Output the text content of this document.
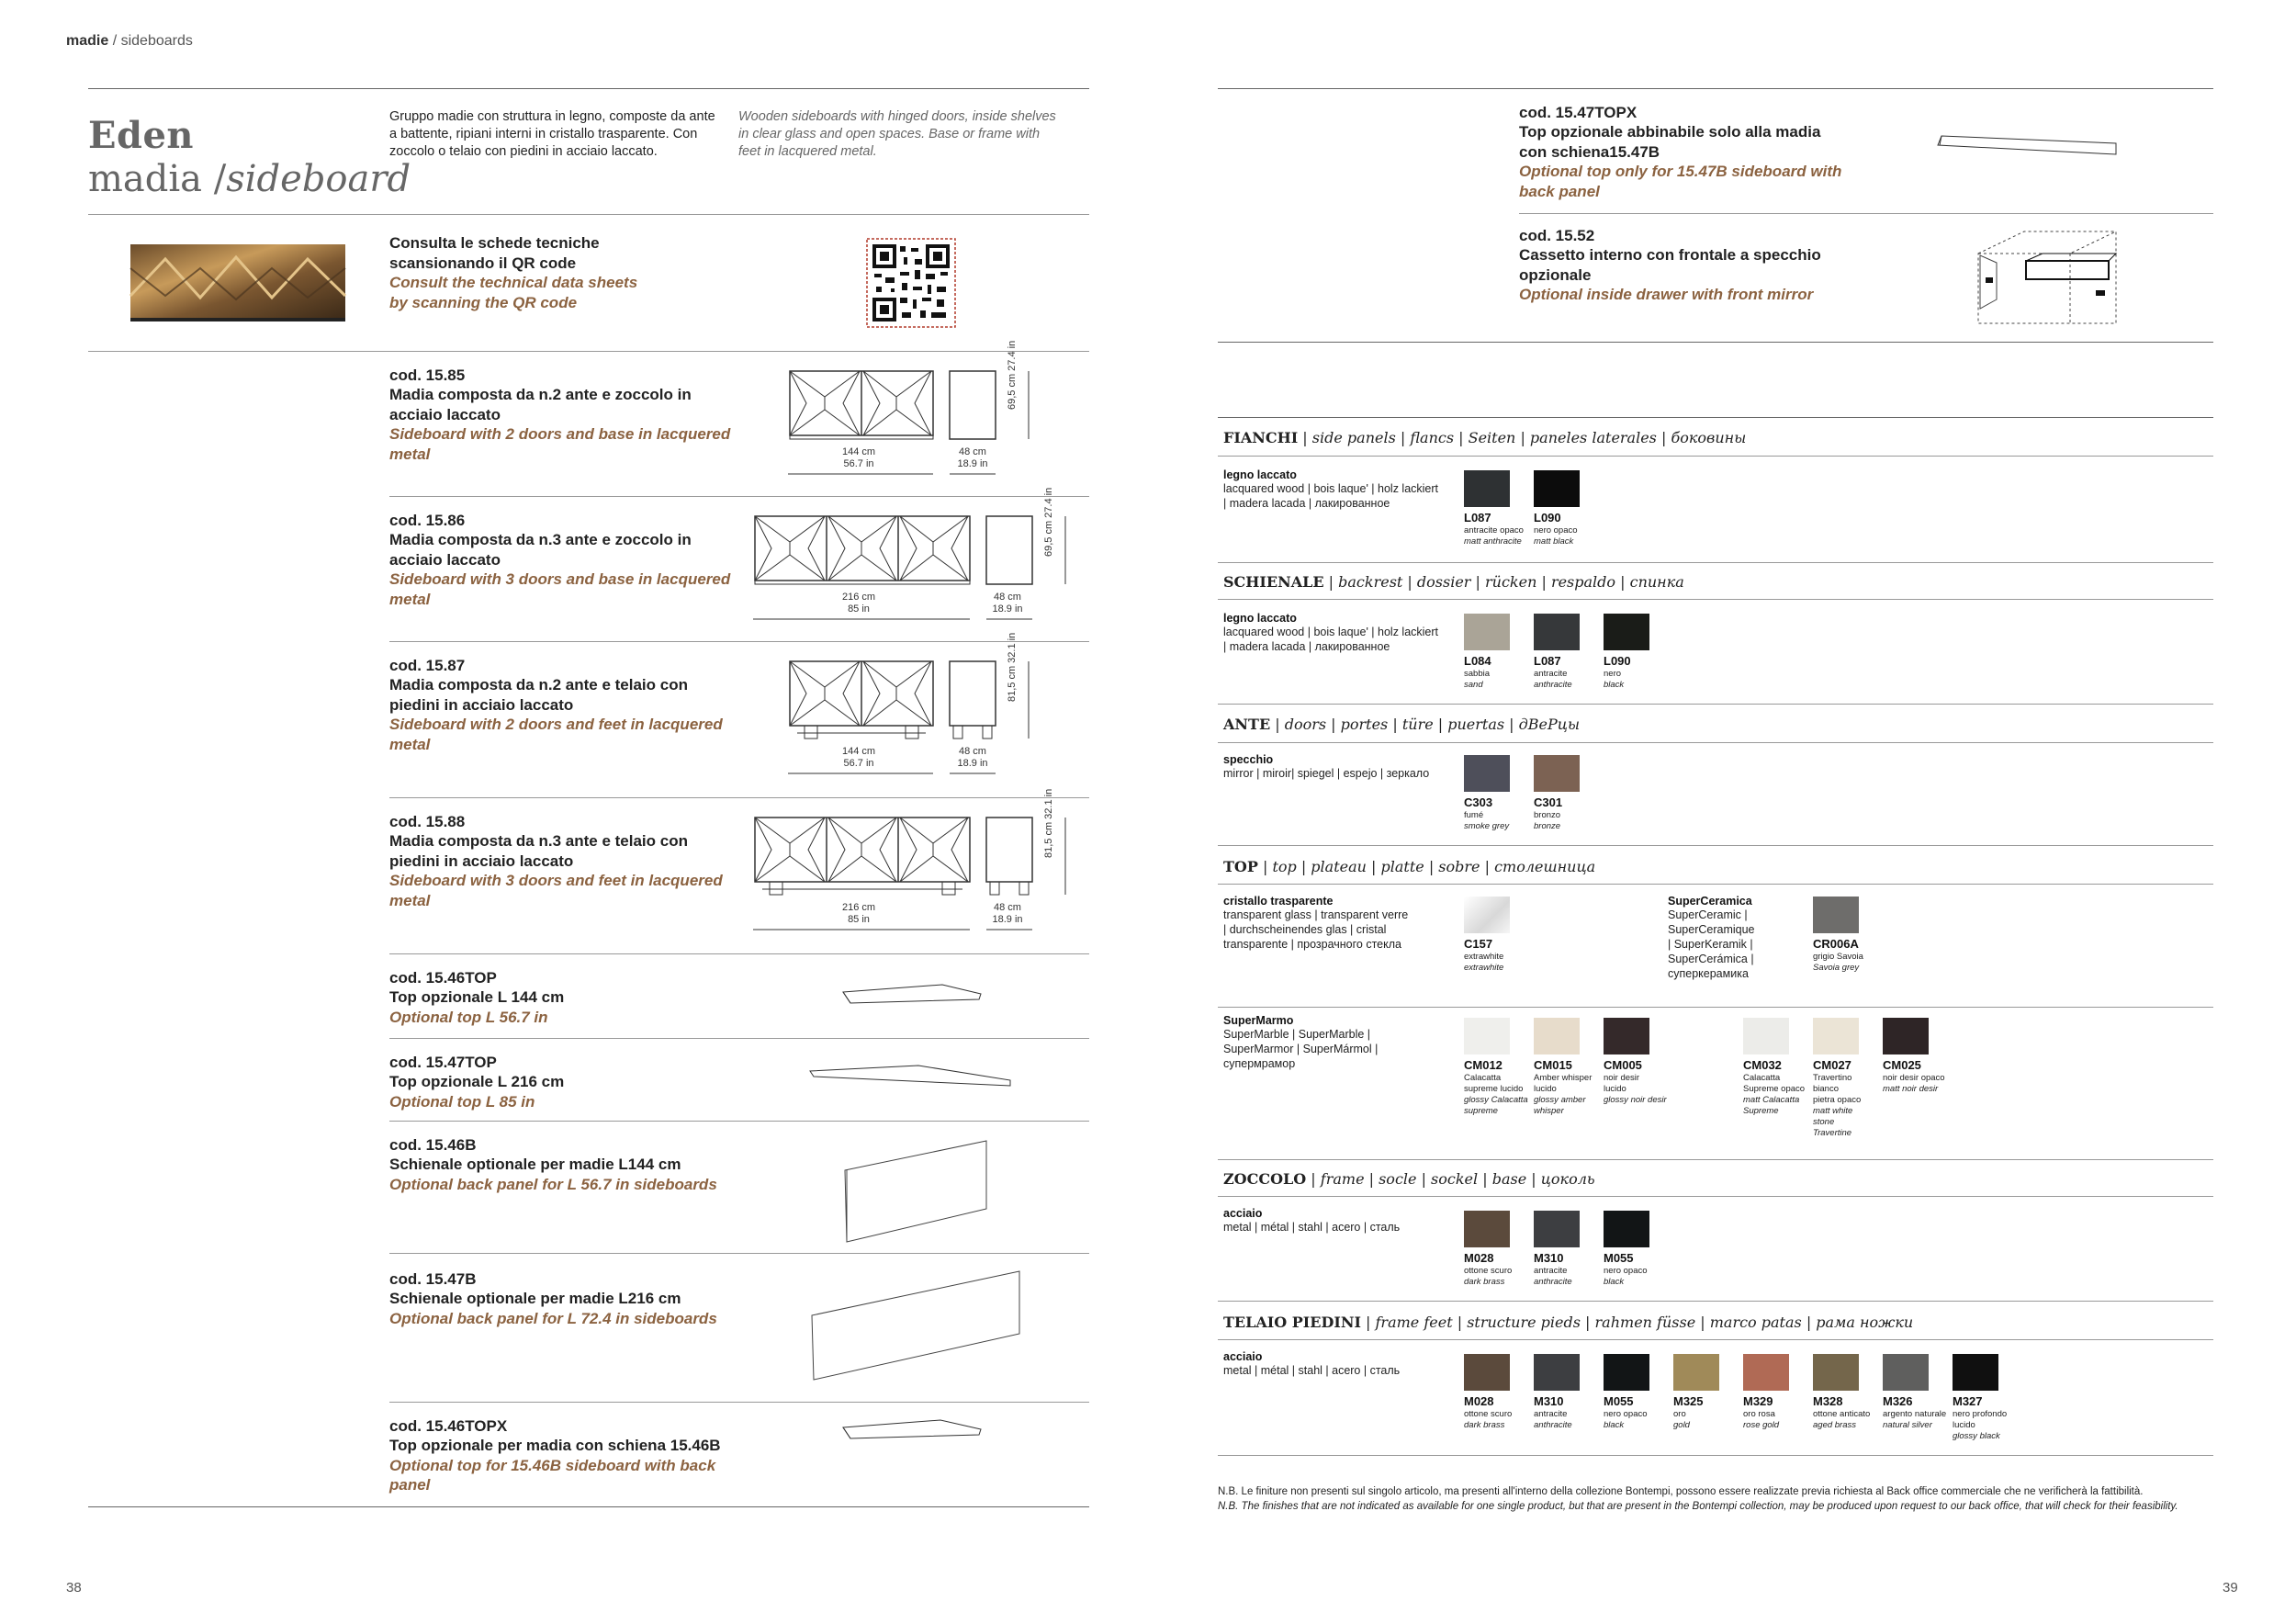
madie / sideboards
Eden
madia /sideboard
Gruppo madie con struttura in legno, composte da ante a battente, ripiani interni in cristallo trasparente. Con zoccolo o telaio con piedini in acciaio laccato.
Wooden sideboards with hinged doors, inside shelves in clear glass and open spaces. Base or frame with feet in lacquered metal.
Consulta le schede tecniche
scansionando il QR code
Consult the technical data sheets
by scanning the QR code
cod. 15.85
Madia composta da n.2 ante e zoccolo in
acciaio laccato
Sideboard with 2 doors and base in lacquered
metal	144 cm
56.7 in
48 cm
18.9 in
69,5 cm 27.4 in
cod. 15.86
Madia composta da n.3 ante e zoccolo in
acciaio laccato
Sideboard with 3 doors and base in lacquered
metal	216 cm
85 in
48 cm
18.9 in
69,5 cm 27.4 in
cod. 15.87
Madia composta da n.2 ante e telaio con
piedini in acciaio laccato
Sideboard with 2 doors and feet in lacquered
metal	144 cm
56.7 in
48 cm
18.9 in
81,5 cm 32.1 in
cod. 15.88
Madia composta da n.3 ante e telaio con
piedini in acciaio laccato
Sideboard with 3 doors and feet in lacquered
metal	216 cm
85 in
48 cm
18.9 in
81,5 cm 32.1 in
cod. 15.46TOP
Top opzionale L 144 cm
Optional top L 56.7 in
cod. 15.47TOP
Top opzionale L 216 cm
Optional top L 85 in
cod. 15.46B
Schienale optionale per madie L144 cm
Optional back panel for L 56.7 in sideboards
cod. 15.47B
Schienale optionale per madie L216 cm
Optional back panel for L 72.4 in sideboards
cod. 15.46TOPX
Top opzionale per madia con schiena 15.46B
Optional top for 15.46B sideboard with back
panel
38
cod. 15.47TOPX
Top opzionale abbinabile solo alla madia
con schiena15.47B
Optional top only for 15.47B sideboard with
back panel
cod. 15.52
Cassetto interno con frontale a specchio
opzionale
Optional inside drawer with front mirror
FIANCHI | side panels | flancs | Seiten | paneles laterales | боковины
legno laccato
lacquared wood | bois laque' | holz lackiert
| madera lacada | лакированное
L087
antracite opaco
matt anthracite
L090
nero opaco
matt black
SCHIENALE | backrest | dossier | rücken | respaldo | спинка
legno laccato
lacquared wood | bois laque' | holz lackiert
| madera lacada | лакированное
L084
sabbia
sand
L087
antracite
anthracite
L090
nero
black
ANTE | doors | portes | türe | puertas | дВеРцы
specchio
mirror | miroir| spiegel | espejo | зеркало
C303
fumé
smoke grey
C301
bronzo
bronze
TOP | top | plateau | platte | sobre | столешница
cristallo trasparente
transparent glass | transparent verre
| durchscheinendes glas | cristal
transparente | прозрачного стекла
SuperCeramica
SuperCeramic |
SuperCeramique
| SuperKeramik |
SuperCerámica |
суперкерамика
C157
extrawhite
extrawhite
CR006A
grigio Savoia
Savoia grey
SuperMarmo
SuperMarble | SuperMarble |
SuperMarmor | SuperMármol |
супермрамор	CM012
Calacatta
supreme lucido
glossy Calacatta
supreme
CM015
Amber whisper
lucido
glossy amber
whisper
CM005
noir desir
lucido
glossy noir desir
CM032
Calacatta
Supreme opaco
matt Calacatta
Supreme
CM027
Travertino
bianco
pietra opaco
matt white
stone
Travertine
CM025
noir desir opaco
matt noir desir
ZOCCOLO | frame | socle | sockel | base | цоколь
acciaio
metal | métal | stahl | acero | сталь
M028
ottone scuro
dark brass
M310
antracite
anthracite
M055
nero opaco
black
TELAIO PIEDINI | frame feet | structure pieds | rahmen füsse | marco patas | рама ножки
acciaio
metal | métal | stahl | acero | сталь
M028
ottone scuro
dark brass
M310
antracite
anthracite
M055
nero opaco
black
M325
oro
gold
M329
oro rosa
rose gold
M328
ottone anticato
aged brass
M326
argento naturale
natural silver
M327
nero profondo
lucido
glossy black
N.B. Le finiture non presenti sul singolo articolo, ma presenti all'interno della collezione Bontempi, possono essere realizzate previa richiesta al Back office commerciale che ne verificherà la fattibilità.
N.B. The finishes that are not indicated as available for one single product, but that are present in the Bontempi collection, may be produced upon request to our back office, that will check for their feasibility.
39
